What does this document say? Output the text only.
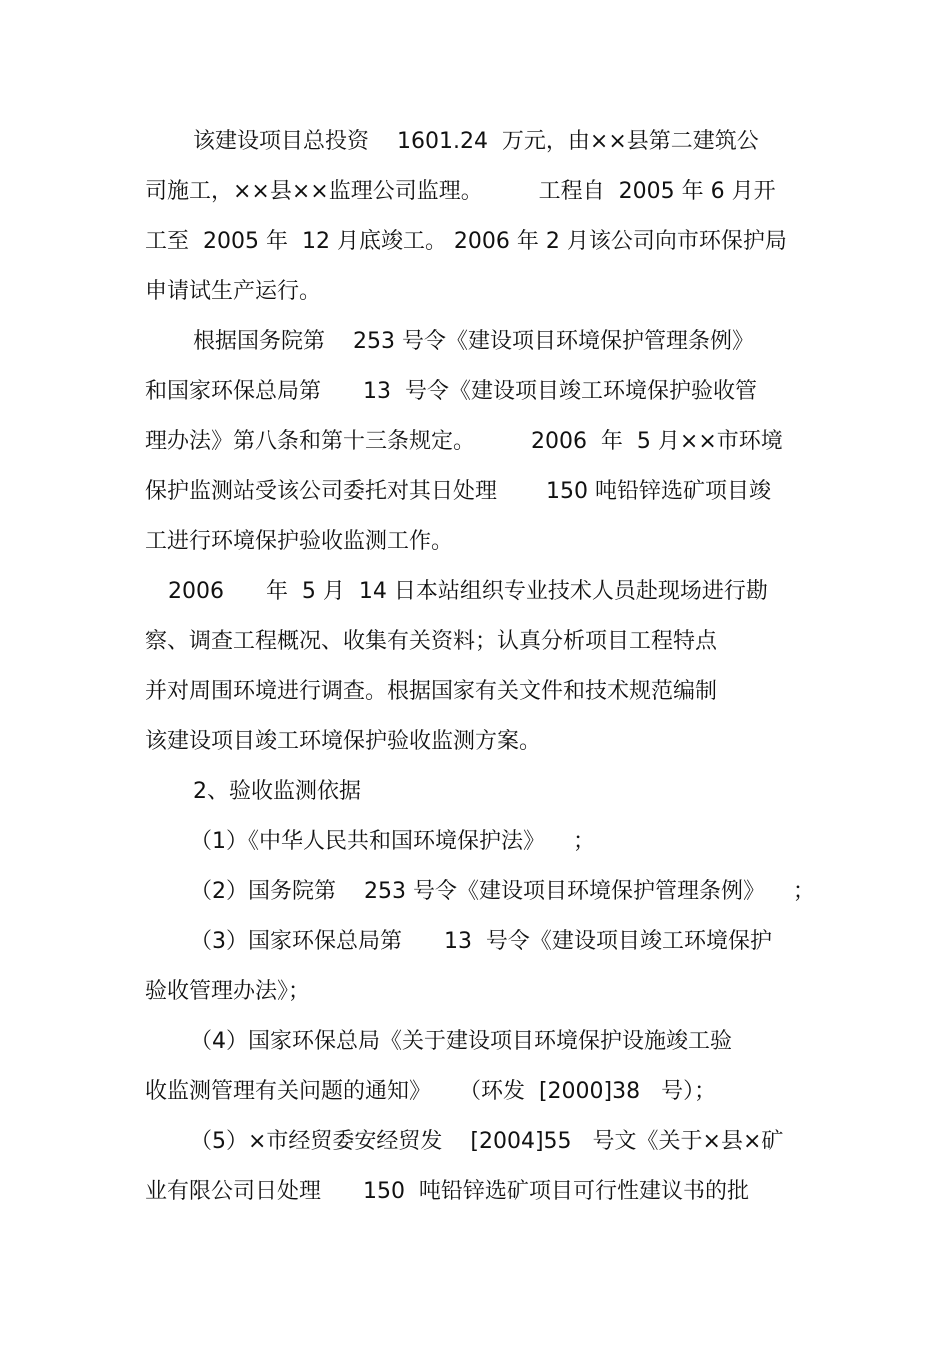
该建设项目总投资    1601.24  万元，由××县第二建筑公
司施工，××县××监理公司监理。        工程自  2005 年 6 月开
工至  2005 年  12 月底竣工。 2006 年 2 月该公司向市环保护局
申请试生产运行。
根据国务院第    253 号令《建设项目环境保护管理条例》
和国家环保总局第      13  号令《建设项目竣工环境保护验收管
理办法》第八条和第十三条规定。        2006  年  5 月××市环境
保护监测站受该公司委托对其日处理       150 吨铅锌选矿项目竣
工进行环境保护验收监测工作。
2006      年  5 月  14 日本站组织专业技术人员赴现场进行勘
察、调查工程概况、收集有关资料；认真分析项目工程特点
并对周围环境进行调查。根据国家有关文件和技术规范编制
该建设项目竣工环境保护验收监测方案。
2、验收监测依据
（1）《中华人民共和国环境保护法》    ；
（2）国务院第    253 号令《建设项目环境保护管理条例》    ；
（3）国家环保总局第      13  号令《建设项目竣工环境保护
验收管理办法》；
（4）国家环保总局《关于建设项目环境保护设施竣工验
收监测管理有关问题的通知》    （环发  [2000]38   号）；
（5）×市经贸委安经贸发    [2004]55   号文《关于×县×矿
业有限公司日处理      150  吨铅锌选矿项目可行性建议书的批
